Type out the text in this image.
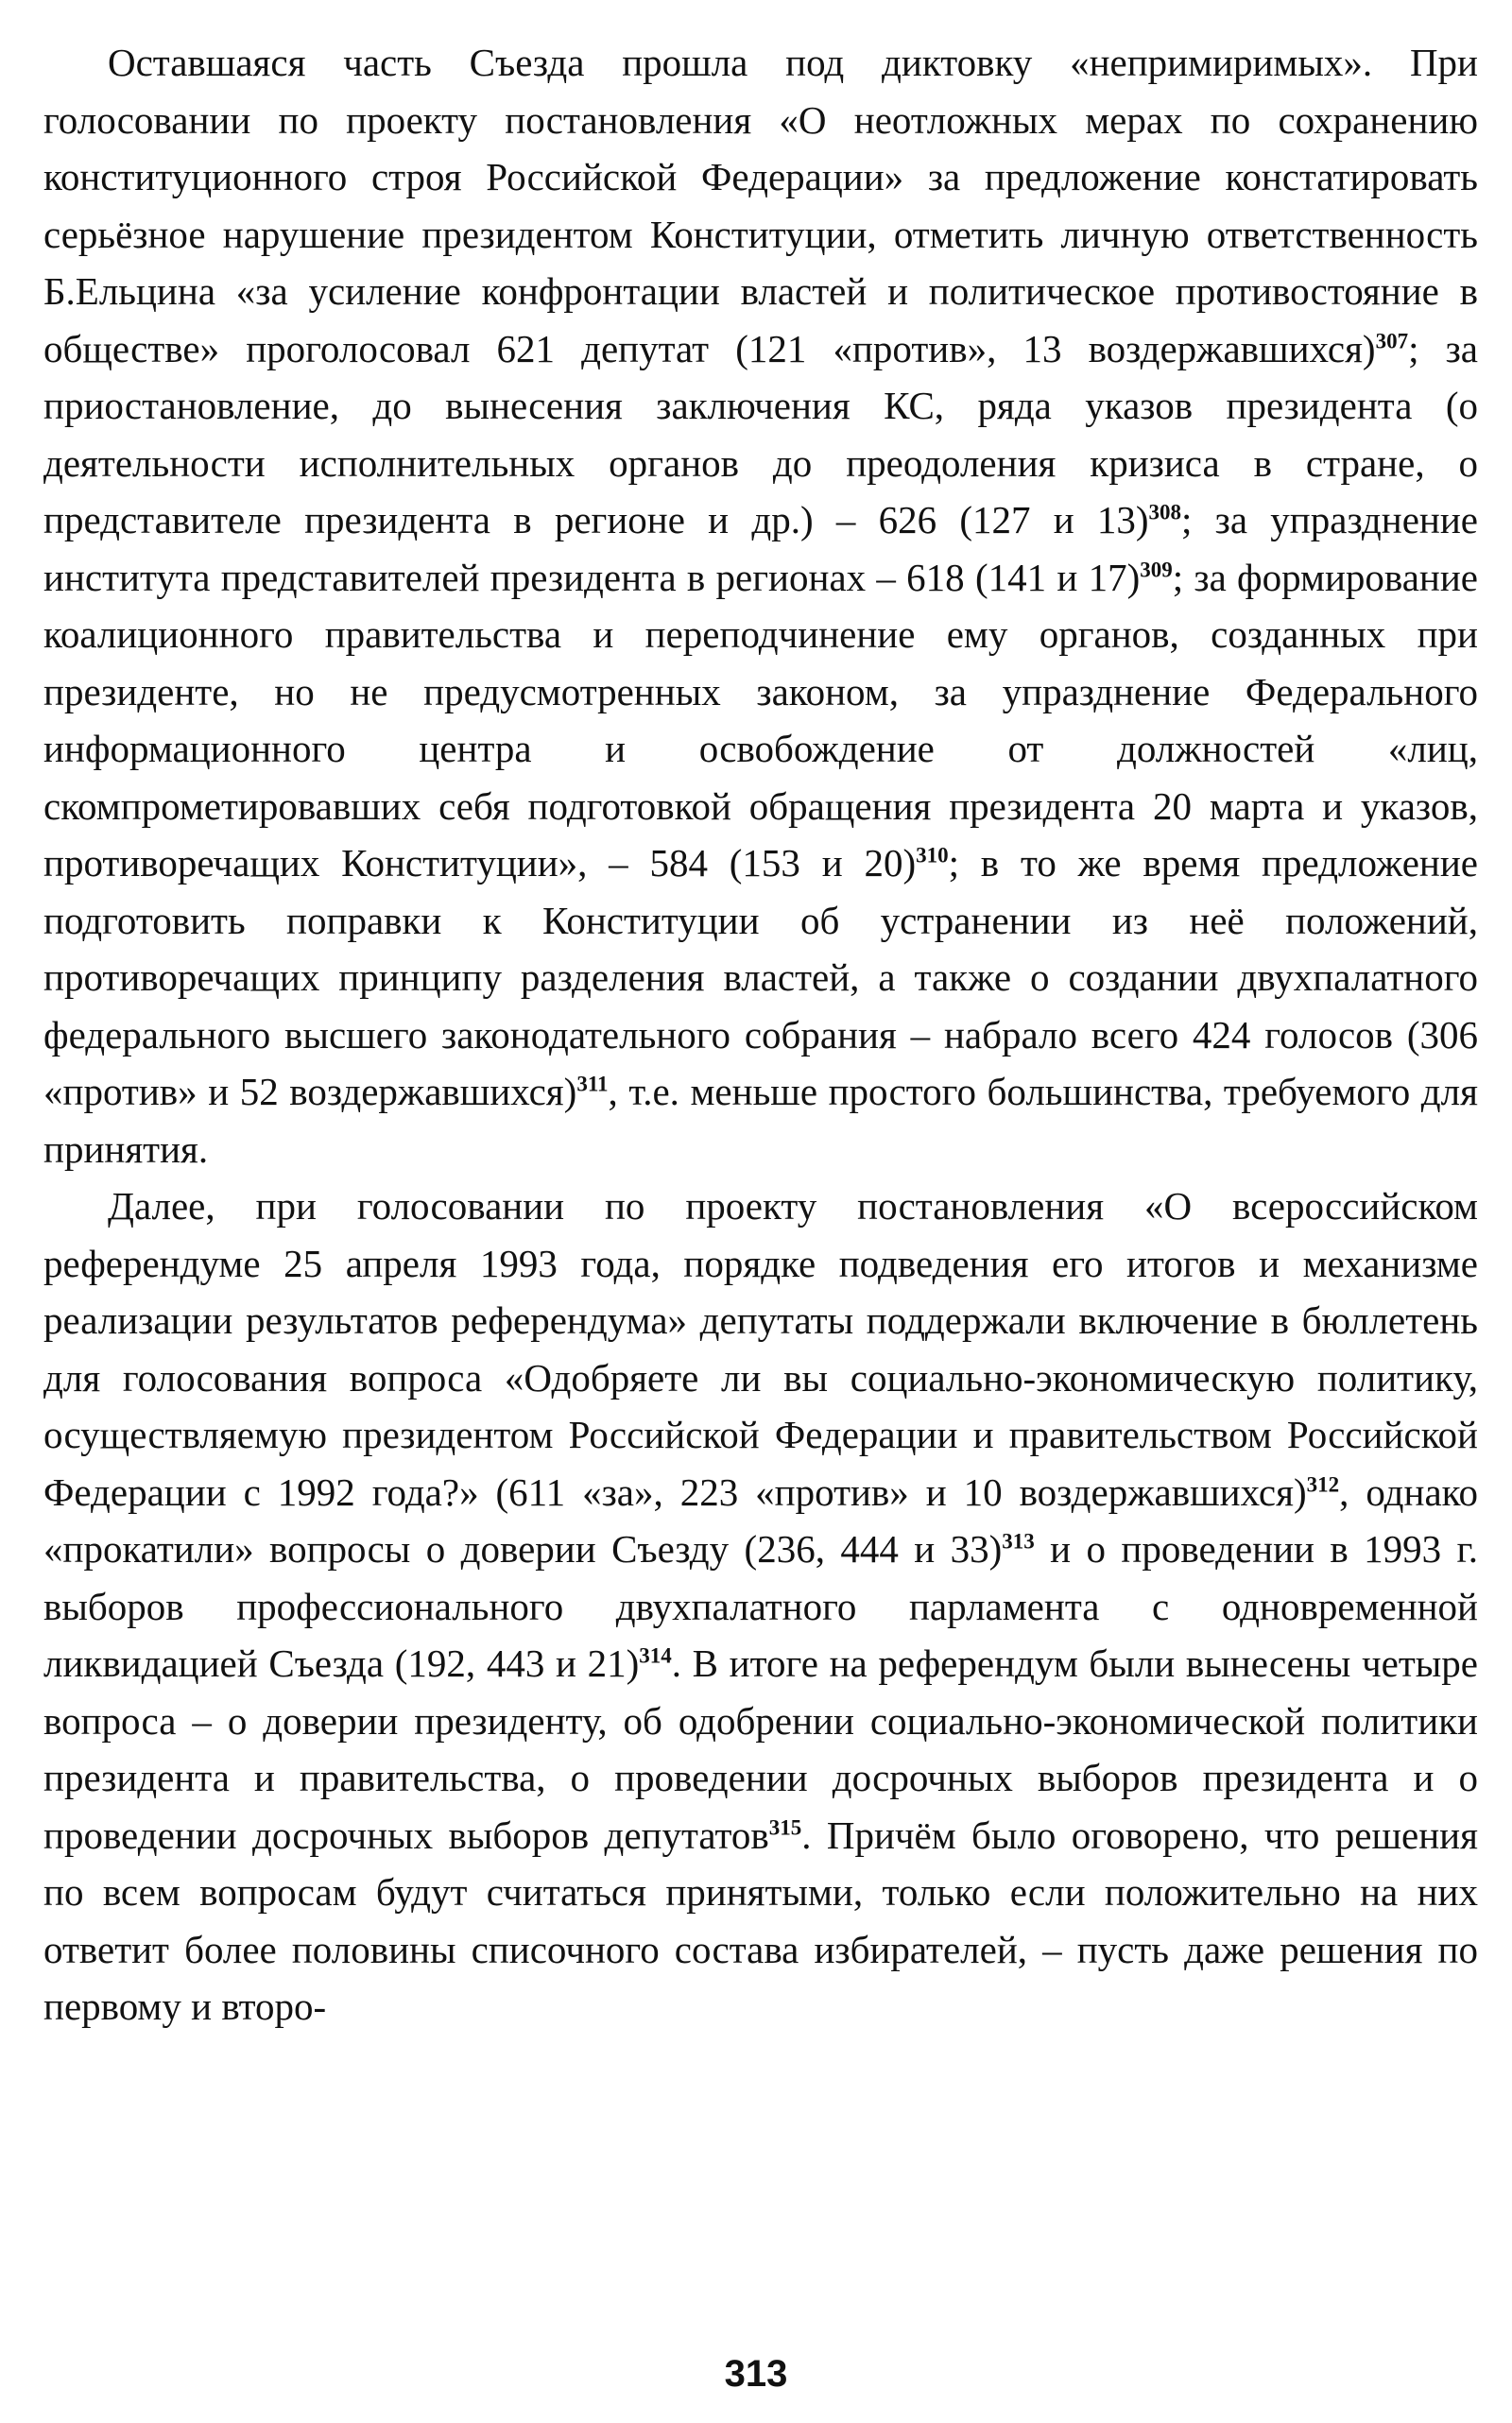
Оставшаяся часть Съезда прошла под диктовку «непримиримых». При голосовании по проекту постановления «О неотложных мерах по сохранению конституционного строя Российской Федерации» за предложение констатировать серьёзное нарушение президентом Конституции, отметить личную ответственность Б.Ельцина «за усиление конфронтации властей и политическое противостояние в обществе» проголосовал 621 депутат (121 «против», 13 воздержавшихся)$^{307}$; за приостановление, до вынесения заключения КС, ряда указов президента (о деятельности исполнительных органов до преодоления кризиса в стране, о представителе президента в регионе и др.) – 626 (127 и 13)$^{308}$; за упразднение института представителей президента в регионах – 618 (141 и 17)$^{309}$; за формирование коалиционного правительства и переподчинение ему органов, созданных при президенте, но не предусмотренных законом, за упразднение Федерального информационного центра и освобождение от должностей «лиц, скомпрометировавших себя подготовкой обращения президента 20 марта и указов, противоречащих Конституции», – 584 (153 и 20)$^{310}$; в то же время предложение подготовить поправки к Конституции об устранении из неё положений, противоречащих принципу разделения властей, а также о создании двухпалатного федерального высшего законодательного собрания – набрало всего 424 голосов (306 «против» и 52 воздержавшихся)$^{311}$, т.е. меньше простого большинства, требуемого для принятия.

Далее, при голосовании по проекту постановления «О всероссийском референдуме 25 апреля 1993 года, порядке подведения его итогов и механизме реализации результатов референдума» депутаты поддержали включение в бюллетень для голосования вопроса «Одобряете ли вы социально-экономическую политику, осуществляемую президентом Российской Федерации и правительством Российской Федерации с 1992 года?» (611 «за», 223 «против» и 10 воздержавшихся)$^{312}$, однако «прокатили» вопросы о доверии Съезду (236, 444 и 33)$^{313}$ и о проведении в 1993 г. выборов профессионального двухпалатного парламента с одновременной ликвидацией Съезда (192, 443 и 21)$^{314}$. В итоге на референдум были вынесены четыре вопроса – о доверии президенту, об одобрении социально-экономической политики президента и правительства, о проведении досрочных выборов президента и о проведении досрочных выборов депутатов$^{315}$. Причём было оговорено, что решения по всем вопросам будут считаться принятыми, только если положительно на них ответит более половины списочного состава избирателей, – пусть даже решения по первому и второ-

313
